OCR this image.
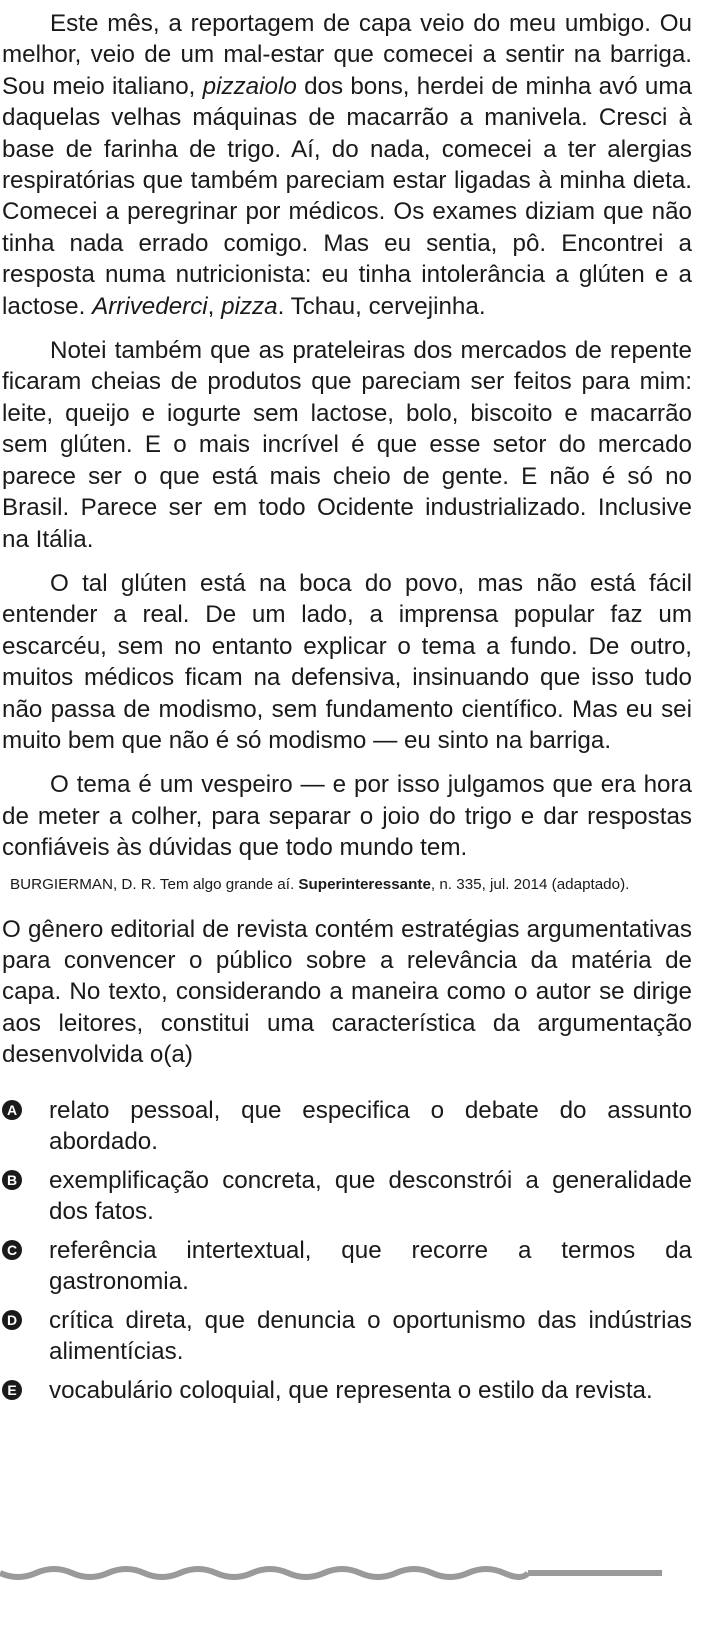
Este mês, a reportagem de capa veio do meu umbigo. Ou melhor, veio de um mal-estar que comecei a sentir na barriga. Sou meio italiano, pizzaiolo dos bons, herdei de minha avó uma daquelas velhas máquinas de macarrão a manivela. Cresci à base de farinha de trigo. Aí, do nada, comecei a ter alergias respiratórias que também pareciam estar ligadas à minha dieta. Comecei a peregrinar por médicos. Os exames diziam que não tinha nada errado comigo. Mas eu sentia, pô. Encontrei a resposta numa nutricionista: eu tinha intolerância a glúten e a lactose. Arrivederci, pizza. Tchau, cervejinha.

Notei também que as prateleiras dos mercados de repente ficaram cheias de produtos que pareciam ser feitos para mim: leite, queijo e iogurte sem lactose, bolo, biscoito e macarrão sem glúten. E o mais incrível é que esse setor do mercado parece ser o que está mais cheio de gente. E não é só no Brasil. Parece ser em todo Ocidente industrializado. Inclusive na Itália.

O tal glúten está na boca do povo, mas não está fácil entender a real. De um lado, a imprensa popular faz um escarcéu, sem no entanto explicar o tema a fundo. De outro, muitos médicos ficam na defensiva, insinuando que isso tudo não passa de modismo, sem fundamento científico. Mas eu sei muito bem que não é só modismo — eu sinto na barriga.

O tema é um vespeiro — e por isso julgamos que era hora de meter a colher, para separar o joio do trigo e dar respostas confiáveis às dúvidas que todo mundo tem.

BURGIERMAN, D. R. Tem algo grande aí. Superinteressante, n. 335, jul. 2014 (adaptado).

O gênero editorial de revista contém estratégias argumentativas para convencer o público sobre a relevância da matéria de capa. No texto, considerando a maneira como o autor se dirige aos leitores, constitui uma característica da argumentação desenvolvida o(a)

A relato pessoal, que especifica o debate do assunto abordado.
B exemplificação concreta, que desconstrói a generalidade dos fatos.
C referência intertextual, que recorre a termos da gastronomia.
D crítica direta, que denuncia o oportunismo das indústrias alimentícias.
E vocabulário coloquial, que representa o estilo da revista.
